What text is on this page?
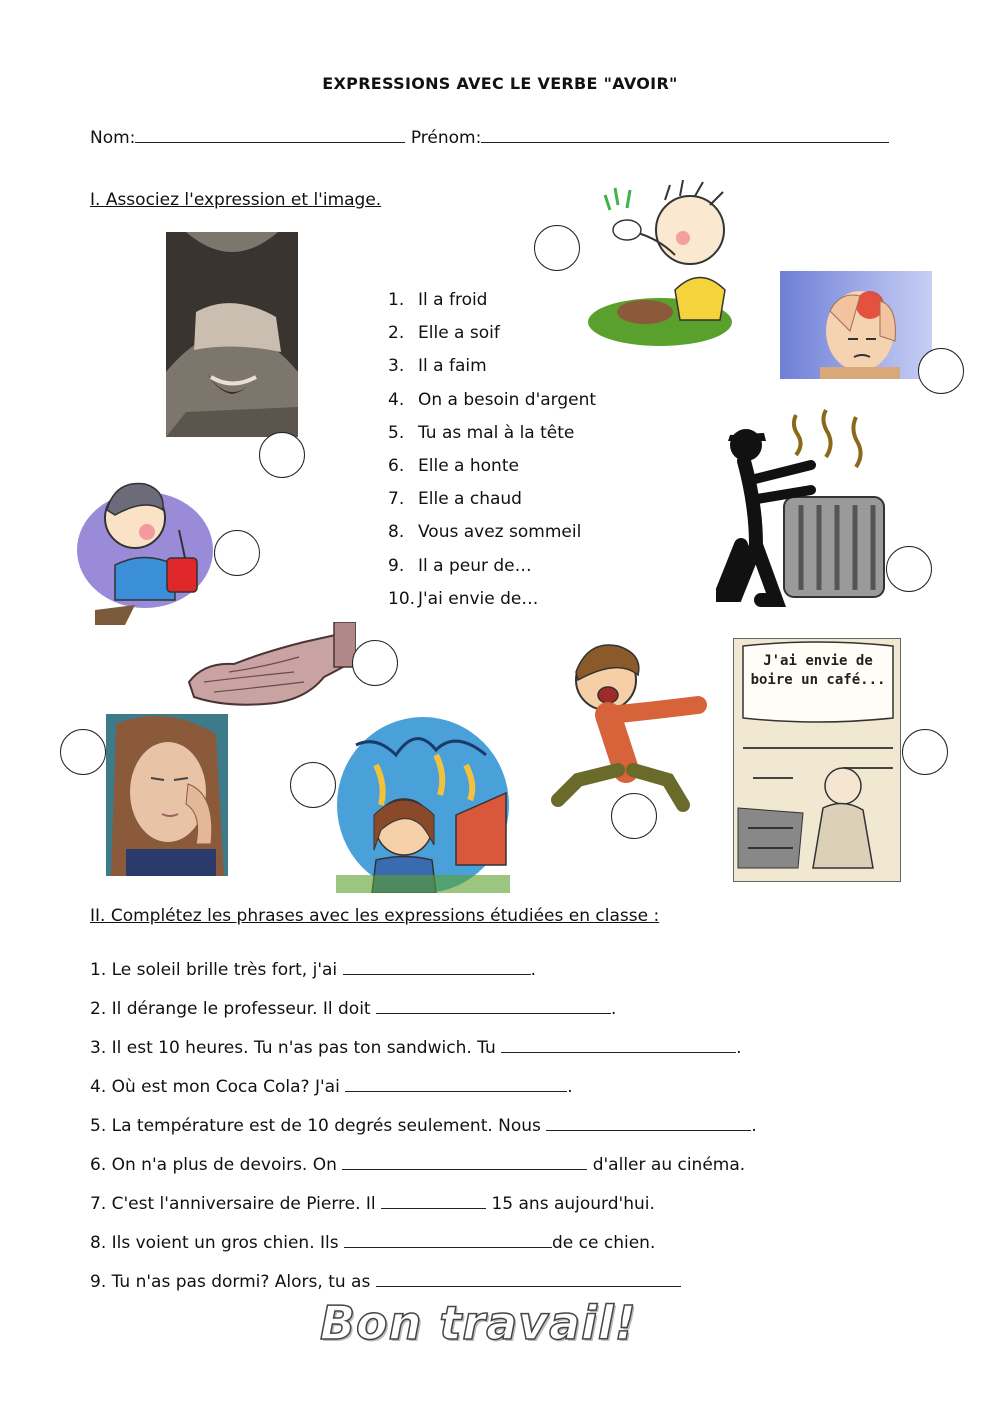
EXPRESSIONS AVEC LE VERBE "AVOIR"
Nom:	Prénom:
I. Associez l'expression et l'image.
1. Il a froid
2. Elle a soif
3. Il a faim
4. On a besoin d'argent
5. Tu as mal à la tête
6. Elle a honte
7. Elle a chaud
8. Vous avez sommeil
9. Il a peur de…
10. J'ai envie de…
J'ai envie de boire un café...
II. Complétez les phrases avec les expressions étudiées en classe :
1. Le soleil brille très fort, j'ai	.
2. Il dérange le professeur. Il doit	.
3. Il est 10 heures. Tu n'as pas ton sandwich. Tu	.
4. Où est mon Coca Cola? J'ai	.
5. La température est de 10 degrés seulement. Nous	.
6. On n'a plus de devoirs. On	d'aller au cinéma.
7. C'est l'anniversaire de Pierre. Il	15 ans aujourd'hui.
8. Ils voient un gros chien. Ils	de ce chien.
9. Tu n'as pas dormi? Alors, tu as
Bon travail!
